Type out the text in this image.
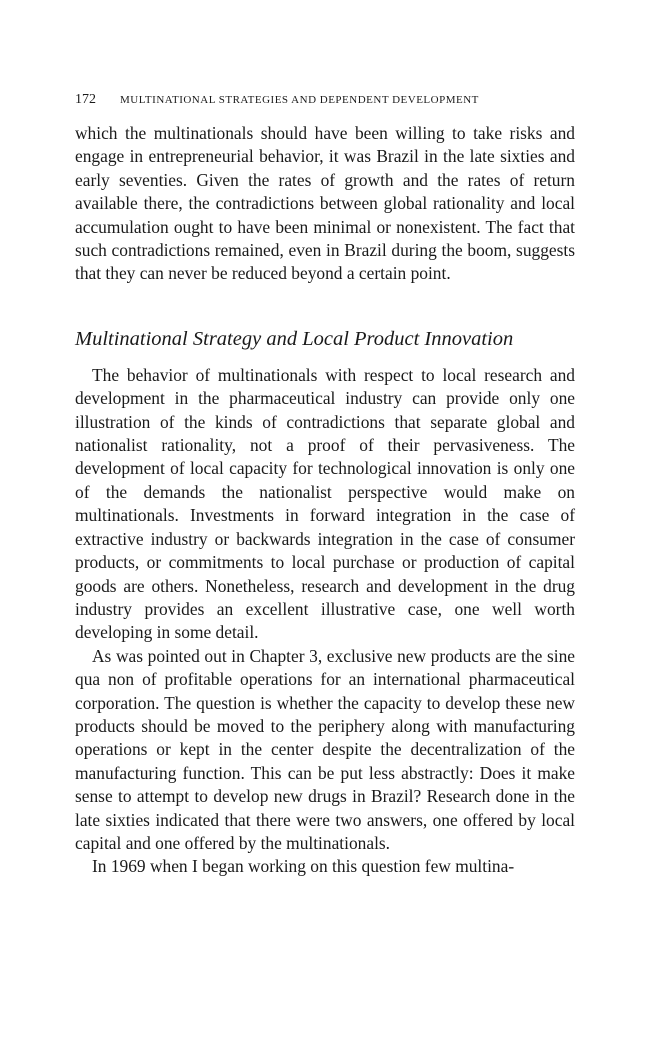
172 MULTINATIONAL STRATEGIES AND DEPENDENT DEVELOPMENT

which the multinationals should have been willing to take risks and engage in entrepreneurial behavior, it was Brazil in the late sixties and early seventies. Given the rates of growth and the rates of return available there, the contradictions between global rationality and local accumulation ought to have been minimal or nonexistent. The fact that such contradictions remained, even in Brazil during the boom, suggests that they can never be reduced beyond a certain point.

Multinational Strategy and Local Product Innovation

The behavior of multinationals with respect to local research and development in the pharmaceutical industry can provide only one illustration of the kinds of contradictions that separate global and nationalist rationality, not a proof of their pervasiveness. The development of local capacity for technological innovation is only one of the demands the nationalist perspective would make on multinationals. Investments in forward integration in the case of extractive industry or backwards integration in the case of consumer products, or commitments to local purchase or production of capital goods are others. Nonetheless, research and development in the drug industry provides an excellent illustrative case, one well worth developing in some detail.

As was pointed out in Chapter 3, exclusive new products are the sine qua non of profitable operations for an international pharmaceutical corporation. The question is whether the capacity to develop these new products should be moved to the periphery along with manufacturing operations or kept in the center despite the decentralization of the manufacturing function. This can be put less abstractly: Does it make sense to attempt to develop new drugs in Brazil? Research done in the late sixties indicated that there were two answers, one offered by local capital and one offered by the multinationals.

In 1969 when I began working on this question few multina-
